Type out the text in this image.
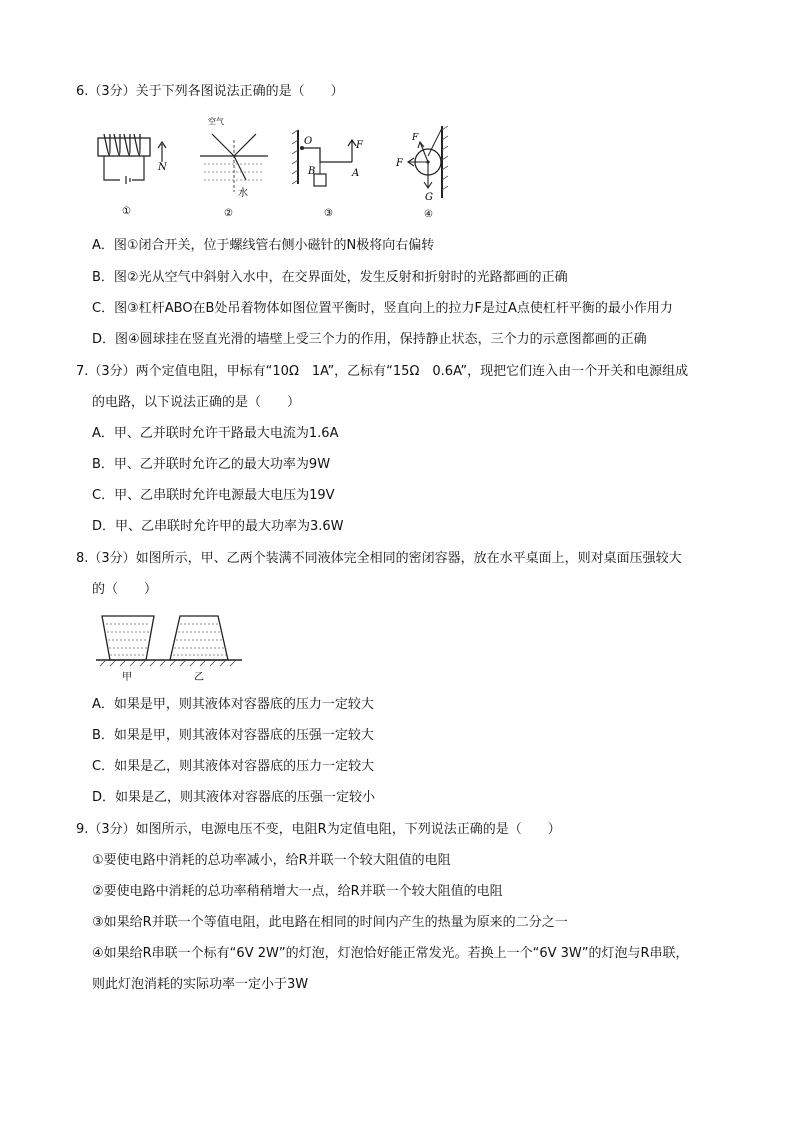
6.（3分）关于下列各图说法正确的是（　　）
N
①
空气
水
②
O	F
A
B
③
F
F
G
④
A．图①闭合开关，位于螺线管右侧小磁针的N极将向右偏转
B．图②光从空气中斜射入水中，在交界面处，发生反射和折射时的光路都画的正确
C．图③杠杆ABO在B处吊着物体如图位置平衡时，竖直向上的拉力F是过A点使杠杆平衡的最小作用力
D．图④圆球挂在竖直光滑的墙壁上受三个力的作用，保持静止状态，三个力的示意图都画的正确
7.（3分）两个定值电阻，甲标有“10Ω　1A”，乙标有“15Ω　0.6A”，现把它们连入由一个开关和电源组成
的电路，以下说法正确的是（　　）
A．甲、乙并联时允许干路最大电流为1.6A
B．甲、乙并联时允许乙的最大功率为9W
C．甲、乙串联时允许电源最大电压为19V
D．甲、乙串联时允许甲的最大功率为3.6W
8.（3分）如图所示，甲、乙两个装满不同液体完全相同的密闭容器，放在水平桌面上，则对桌面压强较大
的（　　）
甲	乙
A．如果是甲，则其液体对容器底的压力一定较大
B．如果是甲，则其液体对容器底的压强一定较大
C．如果是乙，则其液体对容器底的压力一定较大
D．如果是乙，则其液体对容器底的压强一定较小
9.（3分）如图所示，电源电压不变，电阻R为定值电阻，下列说法正确的是（　　）
①要使电路中消耗的总功率减小，给R并联一个较大阻值的电阻
②要使电路中消耗的总功率稍稍增大一点，给R并联一个较大阻值的电阻
③如果给R并联一个等值电阻，此电路在相同的时间内产生的热量为原来的二分之一
④如果给R串联一个标有“6V 2W”的灯泡，灯泡恰好能正常发光。若换上一个“6V 3W”的灯泡与R串联，
则此灯泡消耗的实际功率一定小于3W
